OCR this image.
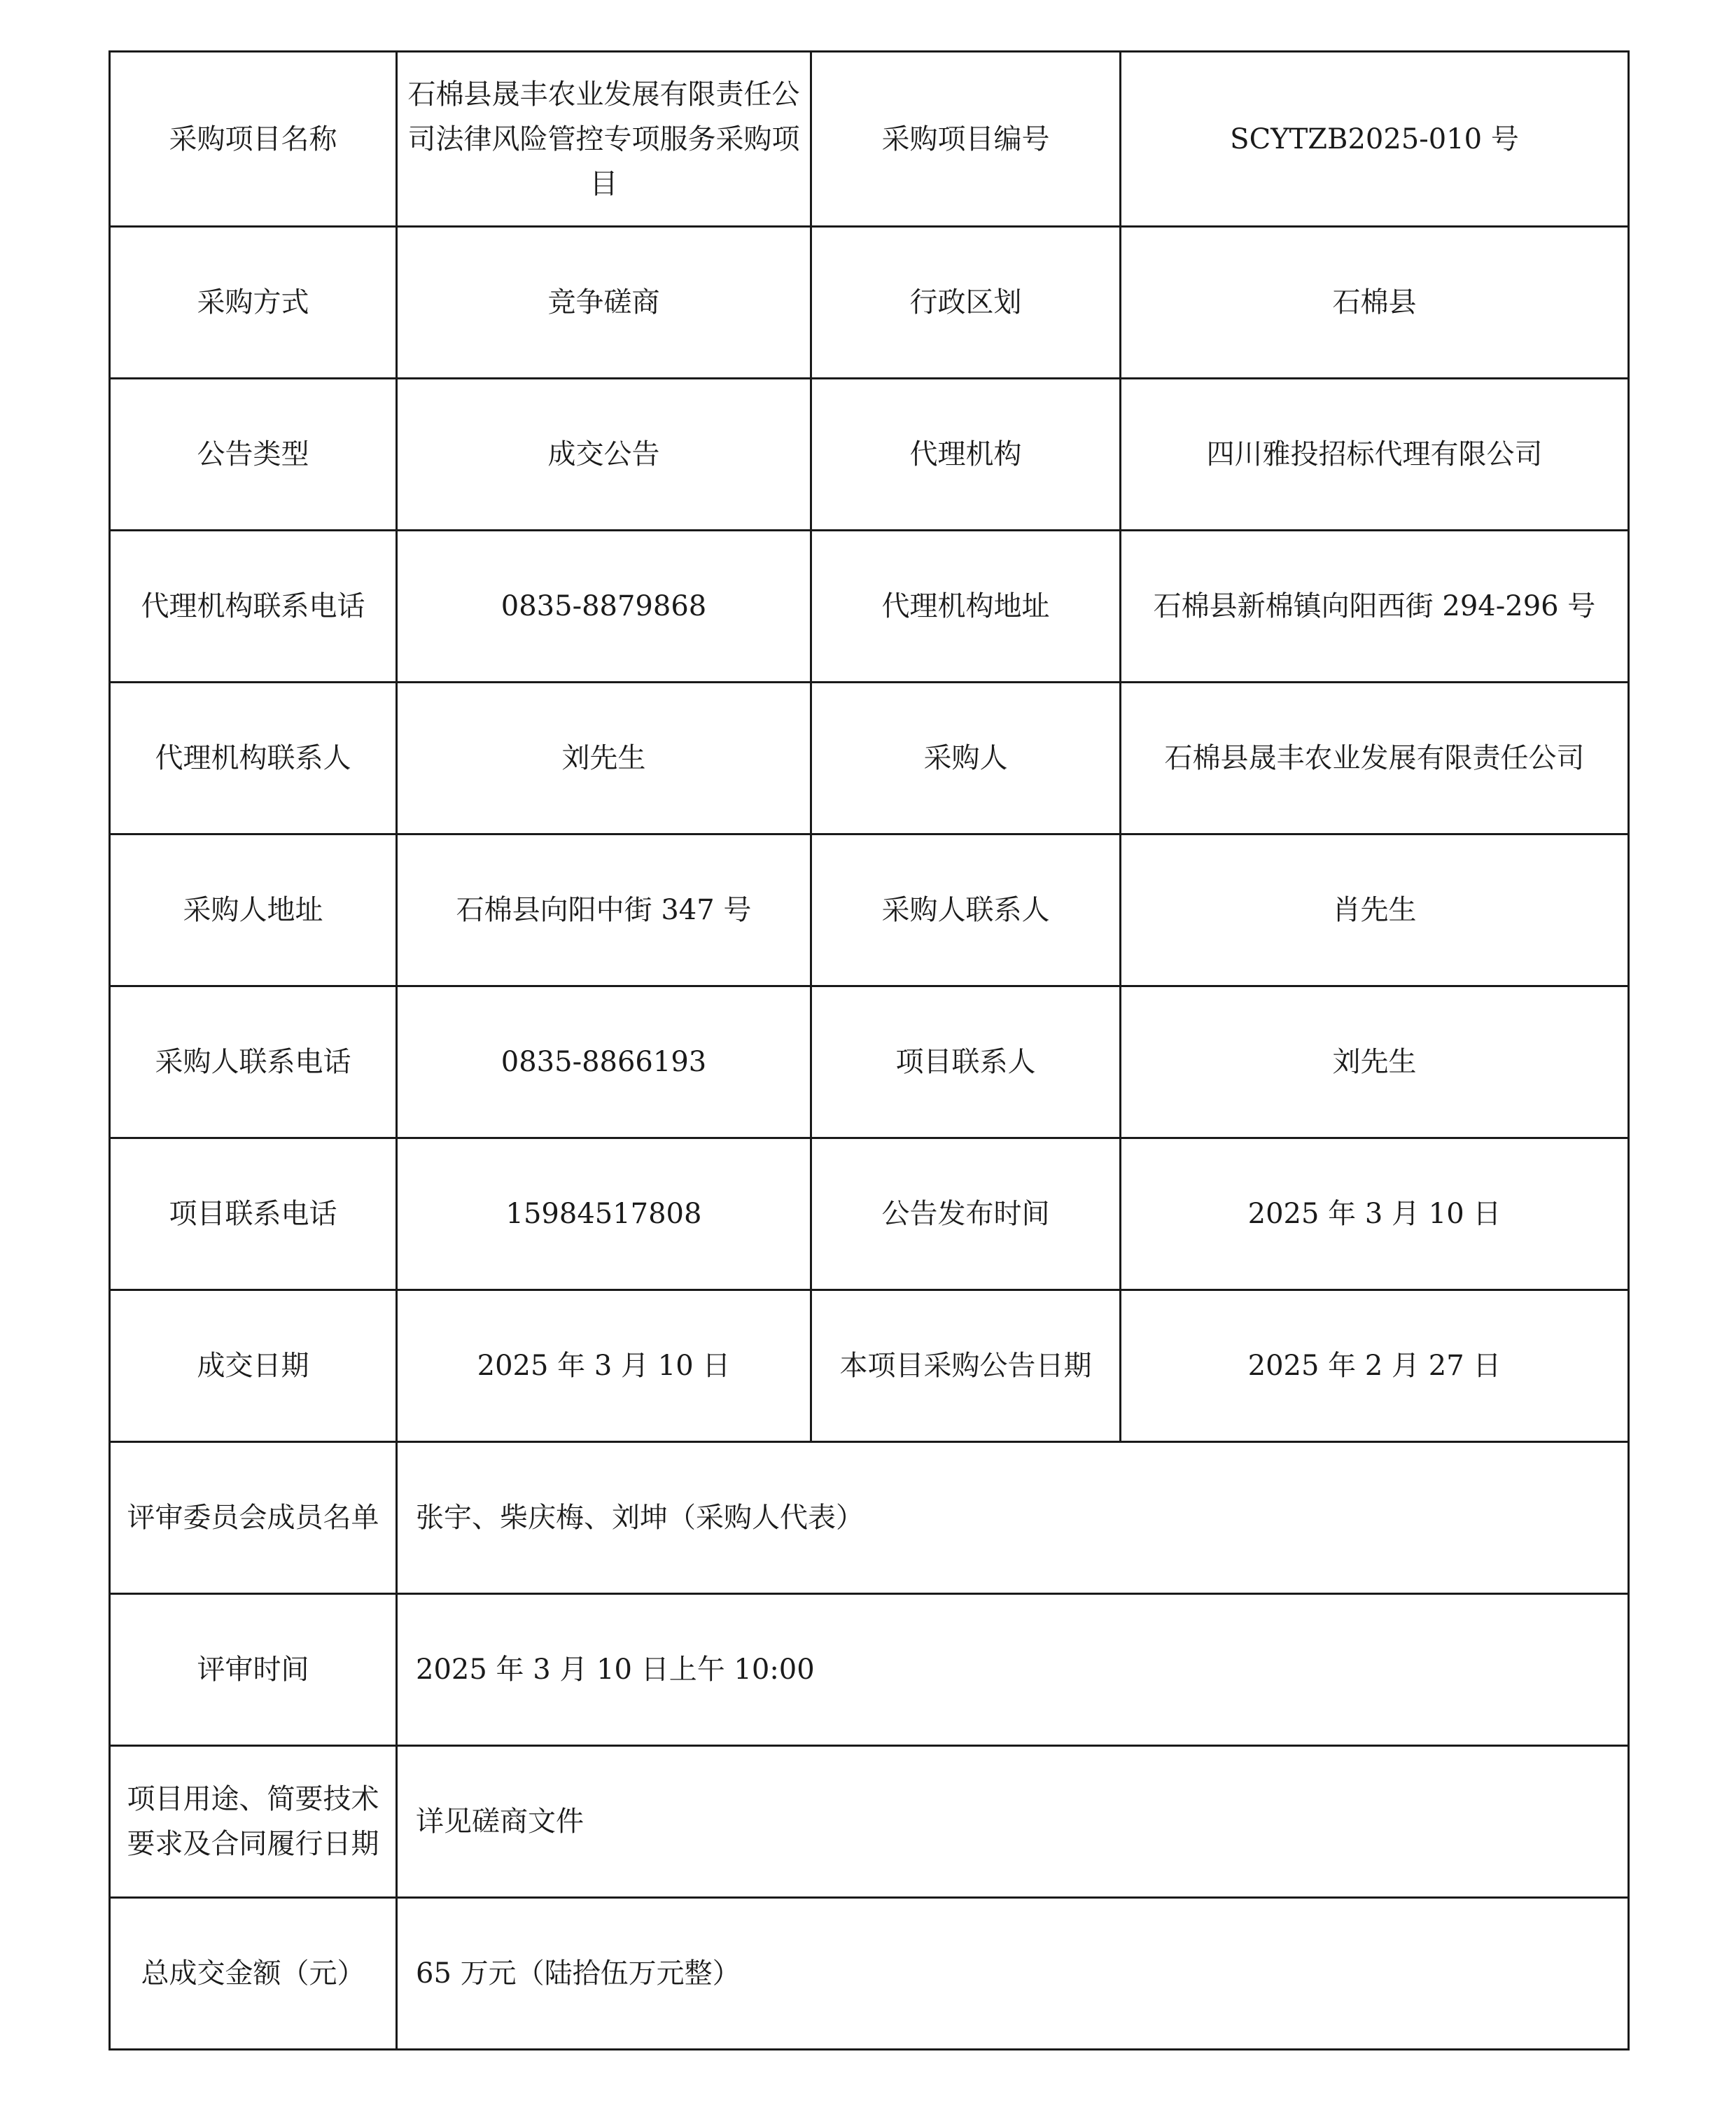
采购项目名称	石棉县晟丰农业发展有限责任公司法律风险管控专项服务采购项目	采购项目编号	SCYTZB2025-010 号
采购方式	竞争磋商	行政区划	石棉县
公告类型	成交公告	代理机构	四川雅投招标代理有限公司
代理机构联系电话	0835-8879868	代理机构地址	石棉县新棉镇向阳西街 294-296 号
代理机构联系人	刘先生	采购人	石棉县晟丰农业发展有限责任公司
采购人地址	石棉县向阳中街 347 号	采购人联系人	肖先生
采购人联系电话	0835-8866193	项目联系人	刘先生
项目联系电话	15984517808	公告发布时间	2025 年 3 月 10 日
成交日期	2025 年 3 月 10 日	本项目采购公告日期	2025 年 2 月 27 日
评审委员会成员名单	张宇、柴庆梅、刘坤（采购人代表）		
评审时间	2025 年 3 月 10 日上午 10:00		
项目用途、简要技术要求及合同履行日期	详见磋商文件		
总成交金额（元）	65 万元（陆拾伍万元整）		
